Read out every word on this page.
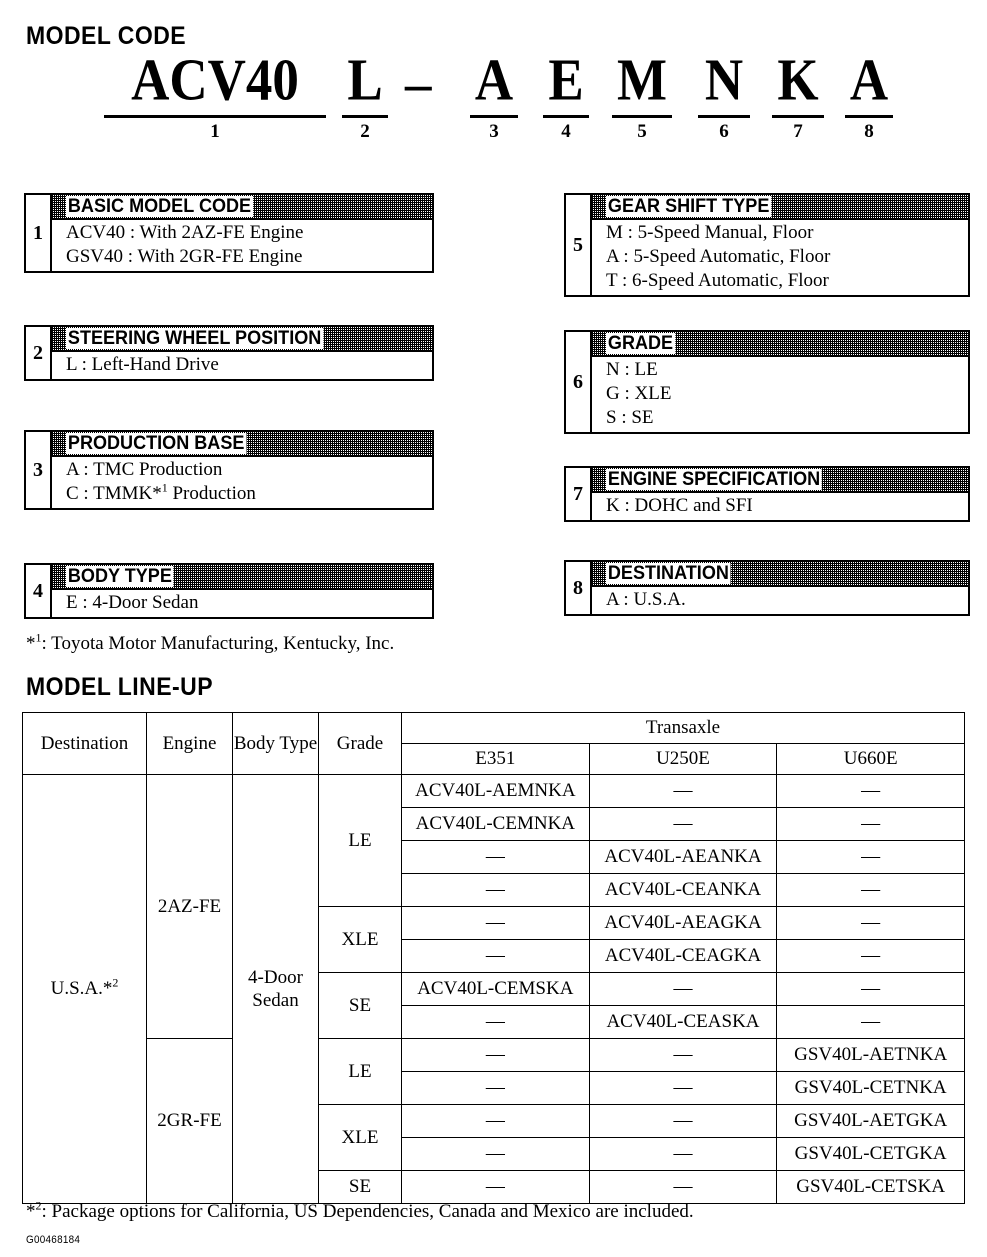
MODEL CODE
ACV40
1
L
2
A
3
E
4
M
5
N
6
K
7
A
8
–
1
BASIC MODEL CODE
ACV40 : With 2AZ-FE Engine
GSV40 : With 2GR-FE Engine
2
STEERING WHEEL POSITION
L : Left-Hand Drive
3
PRODUCTION BASE
A : TMC Production
C : TMMK*$^1$ Production
4
BODY TYPE
E : 4-Door Sedan
5
GEAR SHIFT TYPE
M : 5-Speed Manual, Floor
A : 5-Speed Automatic, Floor
T : 6-Speed Automatic, Floor
6
GRADE
N : LE
G : XLE
S : SE
7
ENGINE SPECIFICATION
K : DOHC and SFI
8
DESTINATION
A : U.S.A.
*$^1$: Toyota Motor Manufacturing, Kentucky, Inc.
MODEL LINE-UP
Destination	Engine	Body Type	Grade	Transaxle		
				E351	U250E	U660E
U.S.A.*$^2$	2AZ-FE	4-Door Sedan	LE	ACV40L-AEMNKA	—	—
				ACV40L-CEMNKA	—	—
				—	ACV40L-AEANKA	—
				—	ACV40L-CEANKA	—
			XLE	—	ACV40L-AEAGKA	—
				—	ACV40L-CEAGKA	—
			SE	ACV40L-CEMSKA	—	—
				—	ACV40L-CEASKA	—
	2GR-FE		LE	—	—	GSV40L-AETNKA
				—	—	GSV40L-CETNKA
			XLE	—	—	GSV40L-AETGKA
				—	—	GSV40L-CETGKA
			SE	—	—	GSV40L-CETSKA
*$^2$: Package options for California, US Dependencies, Canada and Mexico are included.
G00468184
